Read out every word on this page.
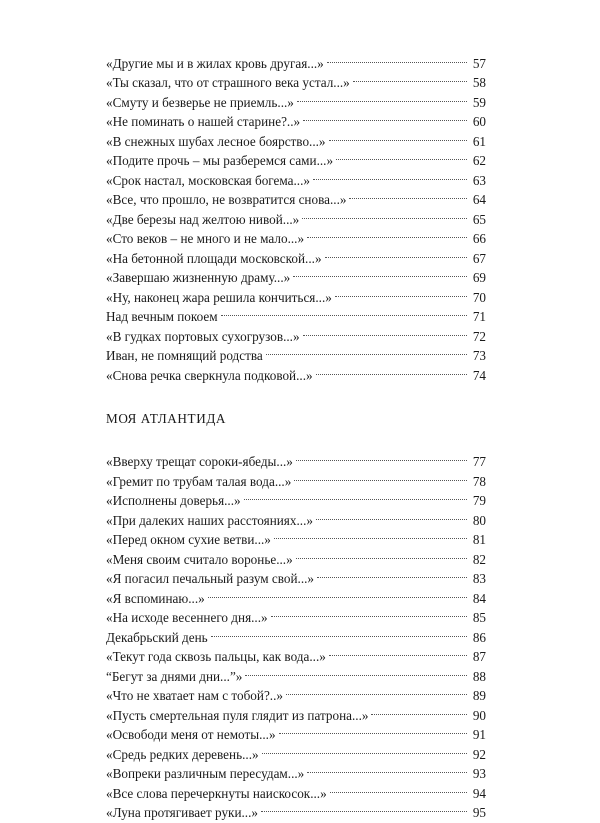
«Другие мы и в жилах кровь другая...»	57
«Ты сказал, что от страшного века устал...»	58
«Смуту и безверье не приемль...»	59
«Не поминать о нашей старине?..»	60
«В снежных шубах лесное боярство...»	61
«Подите прочь – мы разберемся сами...»	62
«Срок настал, московская богема...»	63
«Все, что прошло, не возвратится снова...»	64
«Две березы над желтою нивой...»	65
«Сто веков – не много и не мало...»	66
«На бетонной площади московской...»	67
«Завершаю жизненную драму...»	69
«Ну, наконец жара решила кончиться...»	70
Над вечным покоем	71
«В гудках портовых сухогрузов...»	72
Иван, не помнящий родства	73
«Снова речка сверкнула подковой...»	74
МОЯ АТЛАНТИДА
«Вверху трещат сороки-ябеды...»	77
«Гремит по трубам талая вода...»	78
«Исполнены доверья...»	79
«При далеких наших расстояниях...»	80
«Перед окном сухие ветви...»	81
«Меня своим считало воронье...»	82
«Я погасил печальный разум свой...»	83
«Я вспоминаю...»	84
«На исходе весеннего дня...»	85
Декабрьский день	86
«Текут года сквозь пальцы, как вода...»	87
“Бегут за днями дни...”»	88
«Что не хватает нам с тобой?..»	89
«Пусть смертельная пуля глядит из патрона...»	90
«Освободи меня от немоты...»	91
«Средь редких деревень...»	92
«Вопреки различным пересудам...»	93
«Все слова перечеркнуты наискосок...»	94
«Луна протягивает руки...»	95
